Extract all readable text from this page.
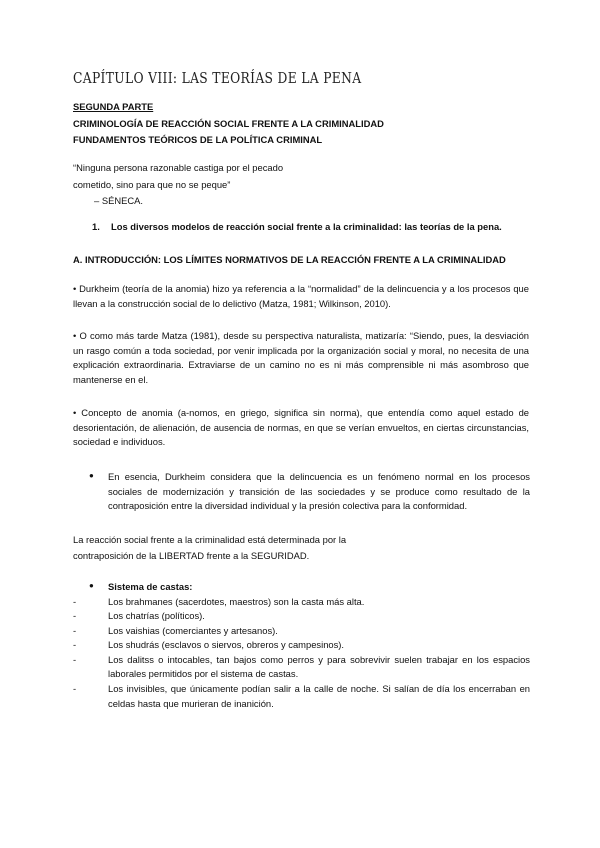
CAPÍTULO VIII: LAS TEORÍAS DE LA PENA
SEGUNDA PARTE
CRIMINOLOGÍA DE REACCIÓN SOCIAL FRENTE A LA CRIMINALIDAD
FUNDAMENTOS TEÓRICOS DE LA POLÍTICA CRIMINAL
“Ninguna persona razonable castiga por el pecado
cometido, sino para que no se peque”
– SÉNECA.
1.	Los diversos modelos de reacción social frente a la criminalidad: las teorías de la pena.
A. INTRODUCCIÓN: LOS LÍMITES NORMATIVOS DE LA REACCIÓN FRENTE A LA CRIMINALIDAD

• Durkheim (teoría de la anomia) hizo ya referencia a la “normalidad” de la delincuencia y a los procesos que llevan a la construcción social de lo delictivo (Matza, 1981; Wilkinson, 2010).

• O como más tarde Matza (1981), desde su perspectiva naturalista, matizaría: “Siendo, pues, la desviación un rasgo común a toda sociedad, por venir implicada por la organización social y moral, no necesita de una explicación extraordinaria. Extraviarse de un camino no es ni más comprensible ni más asombroso que mantenerse en el.

• Concepto de anomia (a-nomos, en griego, significa sin norma), que entendía como aquel estado de desorientación, de alienación, de ausencia de normas, en que se verían envueltos, en ciertas circunstancias, sociedad e individuos.

●	En esencia, Durkheim considera que la delincuencia es un fenómeno normal en los procesos sociales de modernización y transición de las sociedades y se produce como resultado de la contraposición entre la diversidad individual y la presión colectiva para la conformidad.
La reacción social frente a la criminalidad está determinada por la
contraposición de la LIBERTAD frente a la SEGURIDAD.
●	Sistema de castas:
-	Los brahmanes (sacerdotes, maestros) son la casta más alta.
-	Los chatrías (políticos).
-	Los vaishias (comerciantes y artesanos).
-	Los shudrás (esclavos o siervos, obreros y campesinos).
-	Los dalitss o intocables, tan bajos como perros y para sobrevivir suelen trabajar en los espacios laborales permitidos por el sistema de castas.
-	Los invisibles, que únicamente podían salir a la calle de noche. Si salían de día los encerraban en celdas hasta que murieran de inanición.
